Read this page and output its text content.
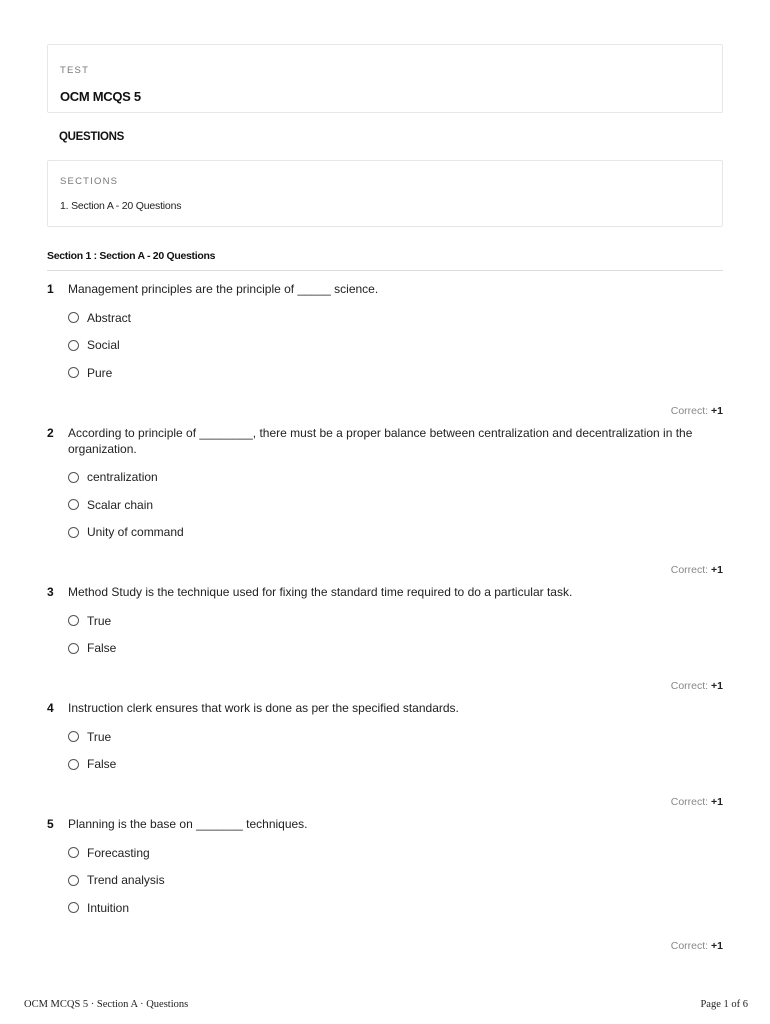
TEST
OCM MCQS 5
QUESTIONS
SECTIONS
1. Section A - 20 Questions
Section 1 : Section A - 20 Questions
1	Management principles are the principle of _____ science.
Abstract
Social
Pure
Correct: +1
2	According to principle of ________, there must be a proper balance between centralization and decentralization in the organization.
centralization
Scalar chain
Unity of command
Correct: +1
3	Method Study is the technique used for fixing the standard time required to do a particular task.
True
False
Correct: +1
4	Instruction clerk ensures that work is done as per the specified standards.
True
False
Correct: +1
5	Planning is the base on _______ techniques.
Forecasting
Trend analysis
Intuition
Correct: +1
OCM MCQS 5 · Section A · Questions	Page 1 of 6
